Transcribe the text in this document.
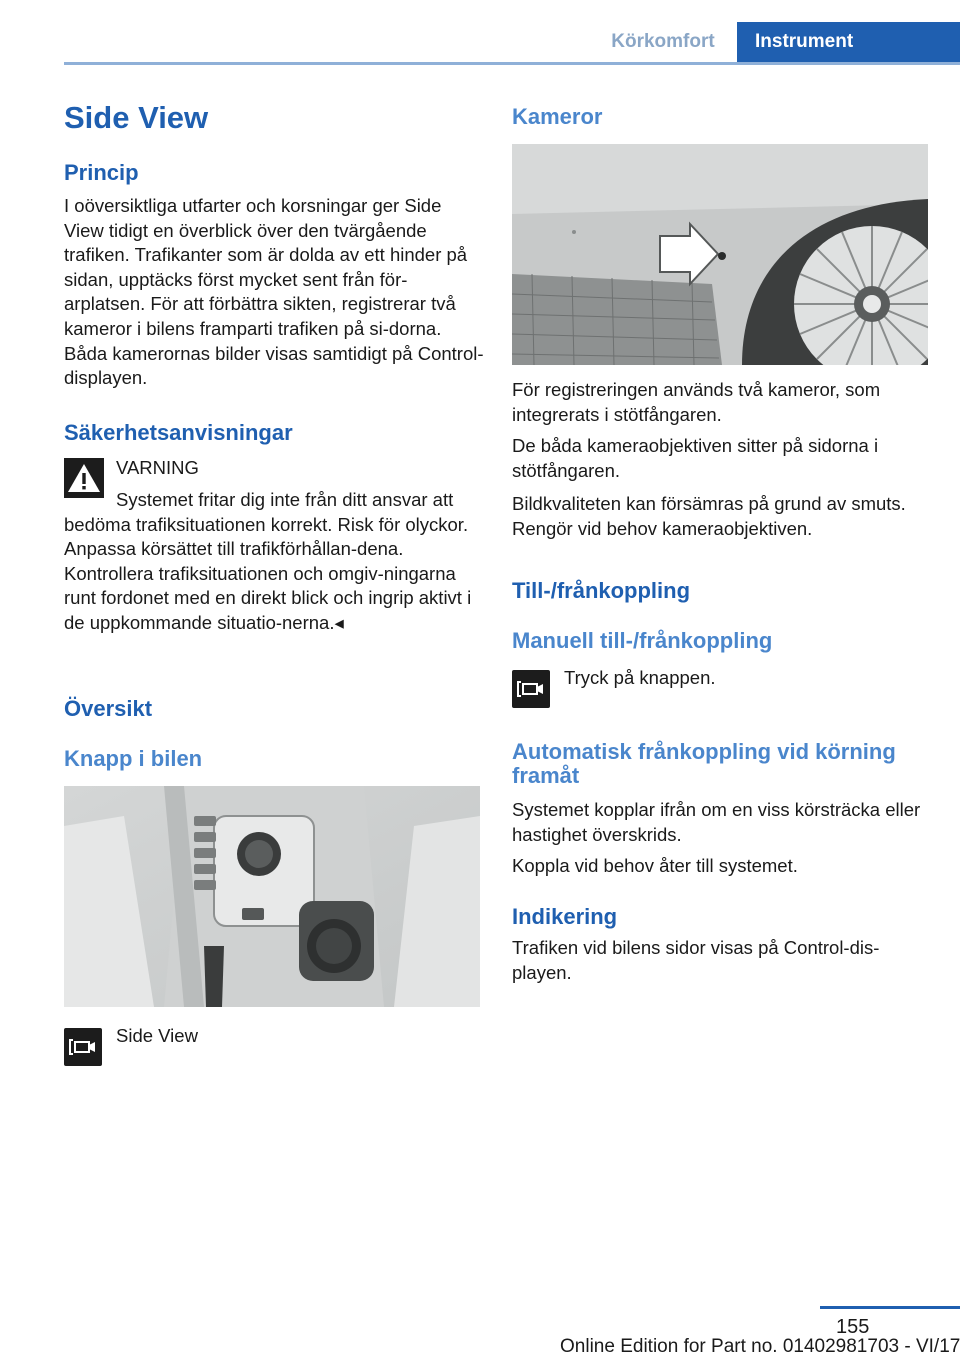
Körkomfort	Instrument
Side View
Princip

I oöversiktliga utfarter och korsningar ger Side View tidigt en överblick över den tvärgående trafiken. Trafikanter som är dolda av ett hinder på sidan, upptäcks först mycket sent från för-arplatsen. För att förbättra sikten, registrerar två kameror i bilens framparti trafiken på si-dorna. Båda kamerornas bilder visas samtidigt på Control-displayen.

Säkerhetsanvisningar
VARNING

Systemet fritar dig inte från ditt ansvar att bedöma trafiksituationen korrekt. Risk för olyckor. Anpassa körsättet till trafikförhållan-dena. Kontrollera trafiksituationen och omgiv-ningarna runt fordonet med en direkt blick och ingrip aktivt i de uppkommande situatio-nerna.◂

Översikt
Knapp i bilen
Side View
Kameror

För registreringen används två kameror, som integrerats i stötfångaren.

De båda kameraobjektiven sitter på sidorna i stötfångaren.

Bildkvaliteten kan försämras på grund av smuts. Rengör vid behov kameraobjektiven.

Till-/frånkoppling
Manuell till-/frånkoppling
Tryck på knappen.
Automatisk frånkoppling vid körning framåt

Systemet kopplar ifrån om en viss körsträcka eller hastighet överskrids.

Koppla vid behov åter till systemet.

Indikering

Trafiken vid bilens sidor visas på Control-dis-playen.

155
Online Edition for Part no. 01402981703 - VI/17
